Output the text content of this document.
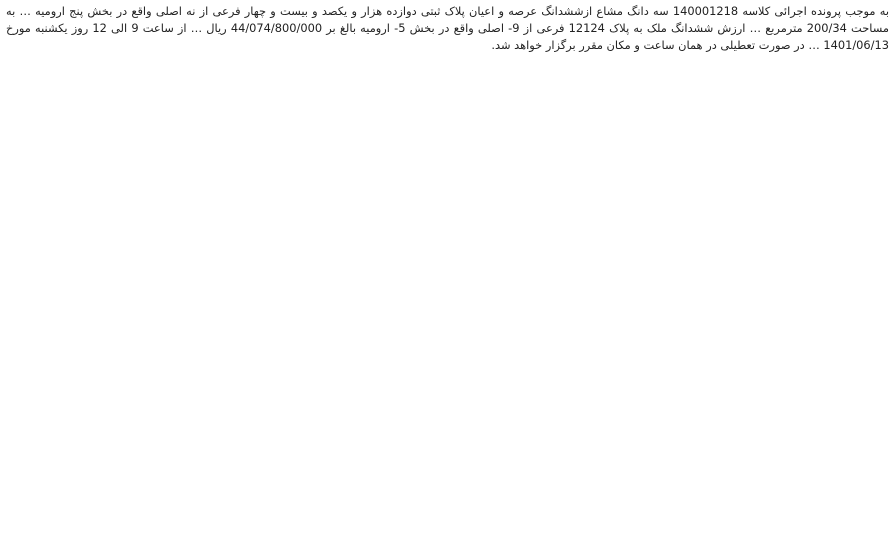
به موجب پرونده اجرائی کلاسه 140001218 سه دانگ مشاع ازششدانگ عرصه و اعیان پلاک ثبتی دوازده هزار و یکصد و بیست و چهار فرعی از نه اصلی واقع در بخش پنج ارومیه … به مساحت 200/34 مترمربع … ارزش ششدانگ ملک به پلاک 12124 فرعی از 9- اصلی واقع در بخش 5- ارومیه بالغ بر 44/074/800/000 ریال … از ساعت 9 الی 12 روز یکشنبه مورخ 1401/06/13 … در صورت تعطیلی در همان ساعت و مکان مقرر برگزار خواهد شد.
